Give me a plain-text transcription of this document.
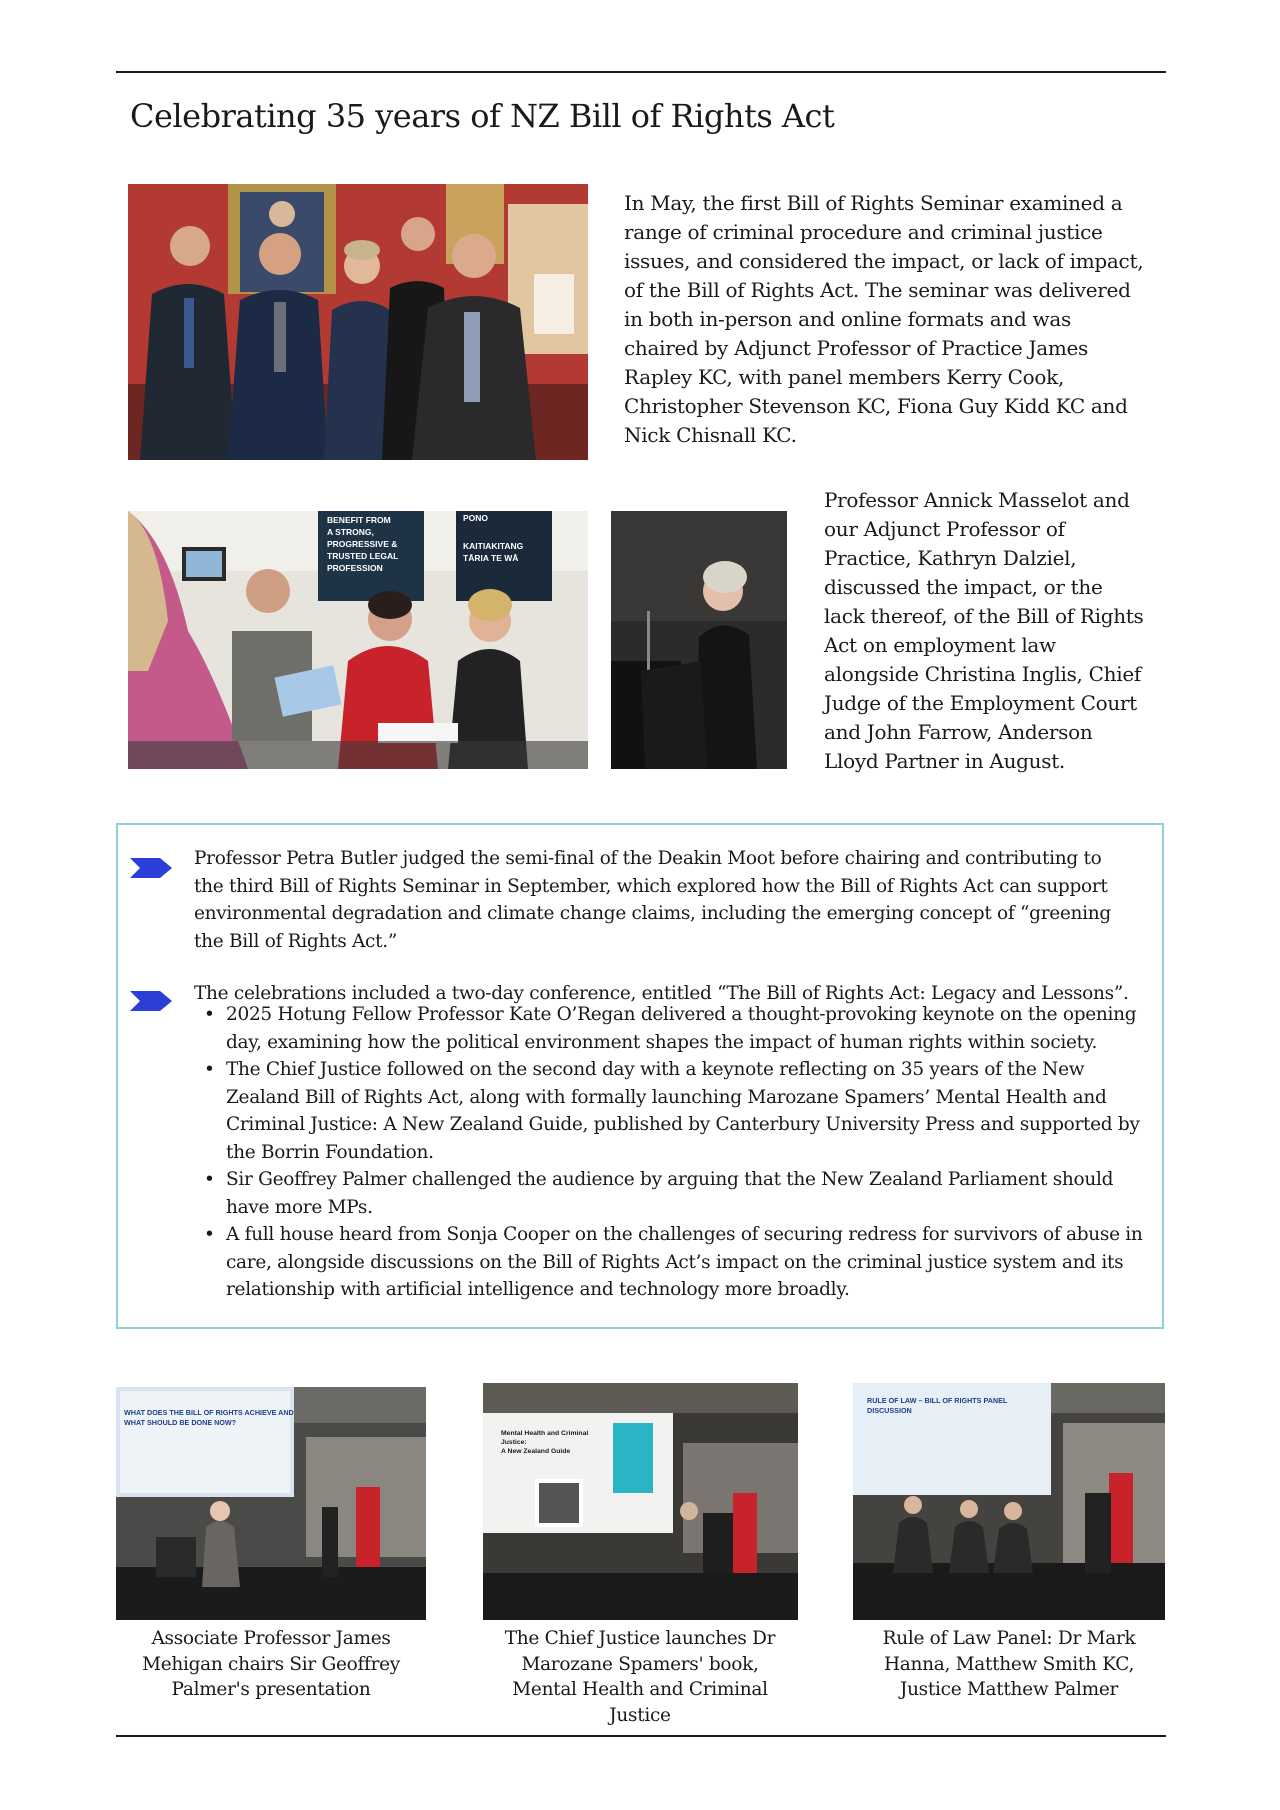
Celebrating 35 years of NZ Bill of Rights Act

In May, the first Bill of Rights Seminar examined a range of criminal procedure and criminal justice issues, and considered the impact, or lack of impact, of the Bill of Rights Act. The seminar was delivered in both in-person and online formats and was chaired by Adjunct Professor of Practice James Rapley KC, with panel members Kerry Cook, Christopher Stevenson KC, Fiona Guy Kidd KC and Nick Chisnall KC.

BENEFIT FROM
A STRONG,
PROGRESSIVE &
TRUSTED LEGAL
PROFESSION
PONO
KAITIAKITANG
TĀRIA TE WĀ

Professor Annick Masselot and our Adjunct Professor of Practice, Kathryn Dalziel, discussed the impact, or the lack thereof, of the Bill of Rights Act on employment law alongside Christina Inglis, Chief Judge of the Employment Court and John Farrow, Anderson Lloyd Partner in August.

Professor Petra Butler judged the semi-final of the Deakin Moot before chairing and contributing to the third Bill of Rights Seminar in September, which explored how the Bill of Rights Act can support environmental degradation and climate change claims, including the emerging concept of “greening the Bill of Rights Act.”

The celebrations included a two-day conference, entitled “The Bill of Rights Act: Legacy and Lessons”.

• 2025 Hotung Fellow Professor Kate O’Regan delivered a thought-provoking keynote on the opening day, examining how the political environment shapes the impact of human rights within society.
• The Chief Justice followed on the second day with a keynote reflecting on 35 years of the New Zealand Bill of Rights Act, along with formally launching Marozane Spamers’ Mental Health and Criminal Justice: A New Zealand Guide, published by Canterbury University Press and supported by the Borrin Foundation.
• Sir Geoffrey Palmer challenged the audience by arguing that the New Zealand Parliament should have more MPs.
• A full house heard from Sonja Cooper on the challenges of securing redress for survivors of abuse in care, alongside discussions on the Bill of Rights Act’s impact on the criminal justice system and its relationship with artificial intelligence and technology more broadly.
WHAT DOES THE BILL OF RIGHTS ACHIEVE AND
WHAT SHOULD BE DONE NOW?

Associate Professor James Mehigan chairs Sir Geoffrey Palmer's presentation

Mental Health and Criminal
Justice:
A New Zealand Guide

The Chief Justice launches Dr Marozane Spamers' book, Mental Health and Criminal Justice

RULE OF LAW – BILL OF RIGHTS PANEL
DISCUSSION

Rule of Law Panel: Dr Mark Hanna, Matthew Smith KC, Justice Matthew Palmer
